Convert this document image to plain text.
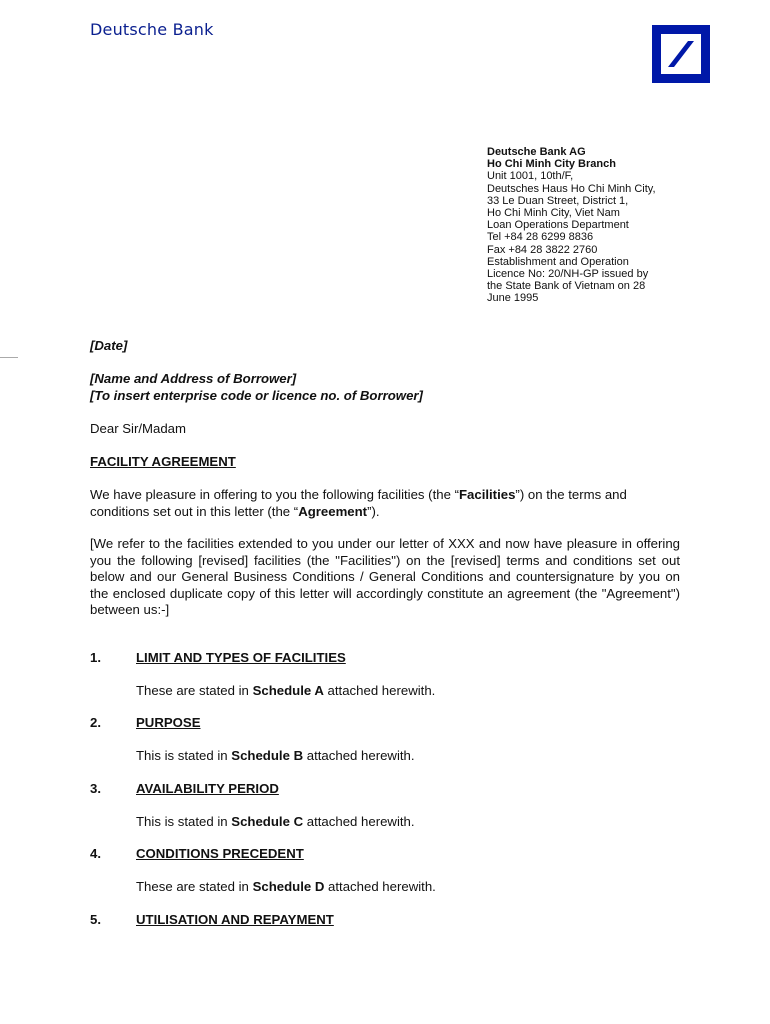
Deutsche Bank
Deutsche Bank AG
Ho Chi Minh City Branch
Unit 1001, 10th/F,
Deutsches Haus Ho Chi Minh City,
33 Le Duan Street, District 1,
Ho Chi Minh City, Viet Nam
Loan Operations Department
Tel +84 28 6299 8836
Fax +84 28 3822 2760
Establishment and Operation
Licence No: 20/NH-GP issued by
the State Bank of Vietnam on 28
June 1995
[Date]
[Name and Address of Borrower]
[To insert enterprise code or licence no. of Borrower]
Dear Sir/Madam
FACILITY AGREEMENT

We have pleasure in offering to you the following facilities (the “Facilities”) on the terms and conditions set out in this letter (the “Agreement”).

[We refer to the facilities extended to you under our letter of XXX and now have pleasure in offering you the following [revised] facilities (the "Facilities") on the [revised] terms and conditions set out below and our General Business Conditions / General Conditions and countersignature by you on the enclosed duplicate copy of this letter will accordingly constitute an agreement (the "Agreement") between us:-]

1.	LIMIT AND TYPES OF FACILITIES
These are stated in Schedule A attached herewith.
2.	PURPOSE
This is stated in Schedule B attached herewith.
3.	AVAILABILITY PERIOD
This is stated in Schedule C attached herewith.
4.	CONDITIONS PRECEDENT
These are stated in Schedule D attached herewith.
5.	UTILISATION AND REPAYMENT
